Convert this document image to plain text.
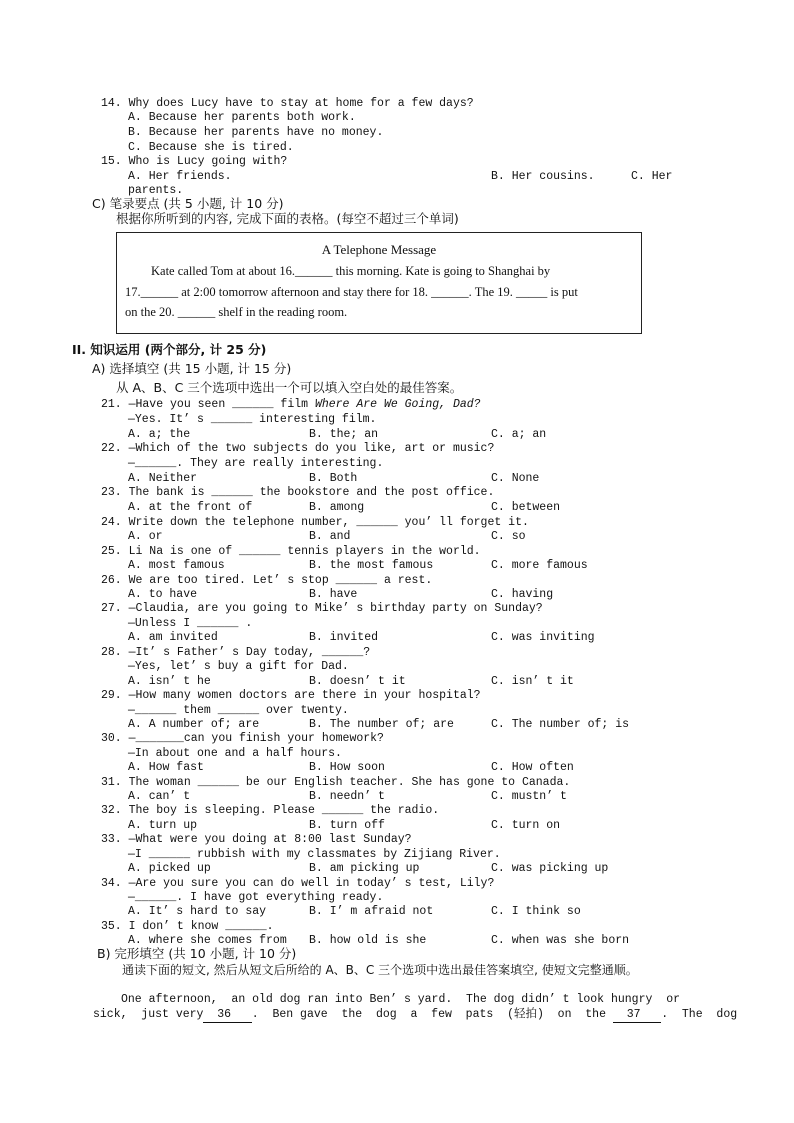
14. Why does Lucy have to stay at home for a few days?
A. Because her parents both work.
B. Because her parents have no money.
C. Because she is tired.
15. Who is Lucy going with?
A. Her friends.	B. Her cousins.	C. Her
parents.
C) 笔录要点 (共 5 小题, 计 10 分)
根据你所听到的内容, 完成下面的表格。(每空不超过三个单词)
A Telephone Message
Kate called Tom at about 16.______ this morning. Kate is going to Shanghai by
17.______ at 2:00 tomorrow afternoon and stay there for 18. ______. The 19. _____ is put
on the 20. ______ shelf in the reading room.
II. 知识运用 (两个部分, 计 25 分)
A) 选择填空 (共 15 小题, 计 15 分)
从 A、B、C 三个选项中选出一个可以填入空白处的最佳答案。
21. —Have you seen ______ film Where Are We Going, Dad?
—Yes. It’ s ______ interesting film.
A. a; the	B. the; an	C. a; an
22. —Which of the two subjects do you like, art or music?
—______. They are really interesting.
A. Neither	B. Both	C. None
23. The bank is ______ the bookstore and the post office.
A. at the front of	B. among	C. between
24. Write down the telephone number, ______ you’ ll forget it.
A. or	B. and	C. so
25. Li Na is one of ______ tennis players in the world.
A. most famous	B. the most famous	C. more famous
26. We are too tired. Let’ s stop ______ a rest.
A. to have	B. have	C. having
27. —Claudia, are you going to Mike’ s birthday party on Sunday?
—Unless I ______ .
A. am invited	B. invited	C. was inviting
28. —It’ s Father’ s Day today, ______?
—Yes, let’ s buy a gift for Dad.
A. isn’ t he	B. doesn’ t it	C. isn’ t it
29. —How many women doctors are there in your hospital?
—______ them ______ over twenty.
A. A number of; are	B. The number of; are	C. The number of; is
30. —_______can you finish your homework?
—In about one and a half hours.
A. How fast	B. How soon	C. How often
31. The woman ______ be our English teacher. She has gone to Canada.
A. can’ t	B. needn’ t	C. mustn’ t
32. The boy is sleeping. Please ______ the radio.
A. turn up	B. turn off	C. turn on
33. —What were you doing at 8:00 last Sunday?
—I ______ rubbish with my classmates by Zijiang River.
A. picked up	B. am picking up	C. was picking up
34. —Are you sure you can do well in today’ s test, Lily?
—______. I have got everything ready.
A. It’ s hard to say	B. I’ m afraid not	C. I think so
35. I don’ t know ______.
A. where she comes from B. how old is she	C. when was she born
B) 完形填空 (共 10 小题, 计 10 分)
通读下面的短文, 然后从短文后所给的 A、B、C 三个选项中选出最佳答案填空, 使短文完整通顺。
One afternoon,  an old dog ran into Ben’ s yard.  The dog didn’ t look hungry  or
sick,  just very  36   .  Ben gave  the  dog  a  few  pats  (轻拍)  on  the   37   .  The  dog
